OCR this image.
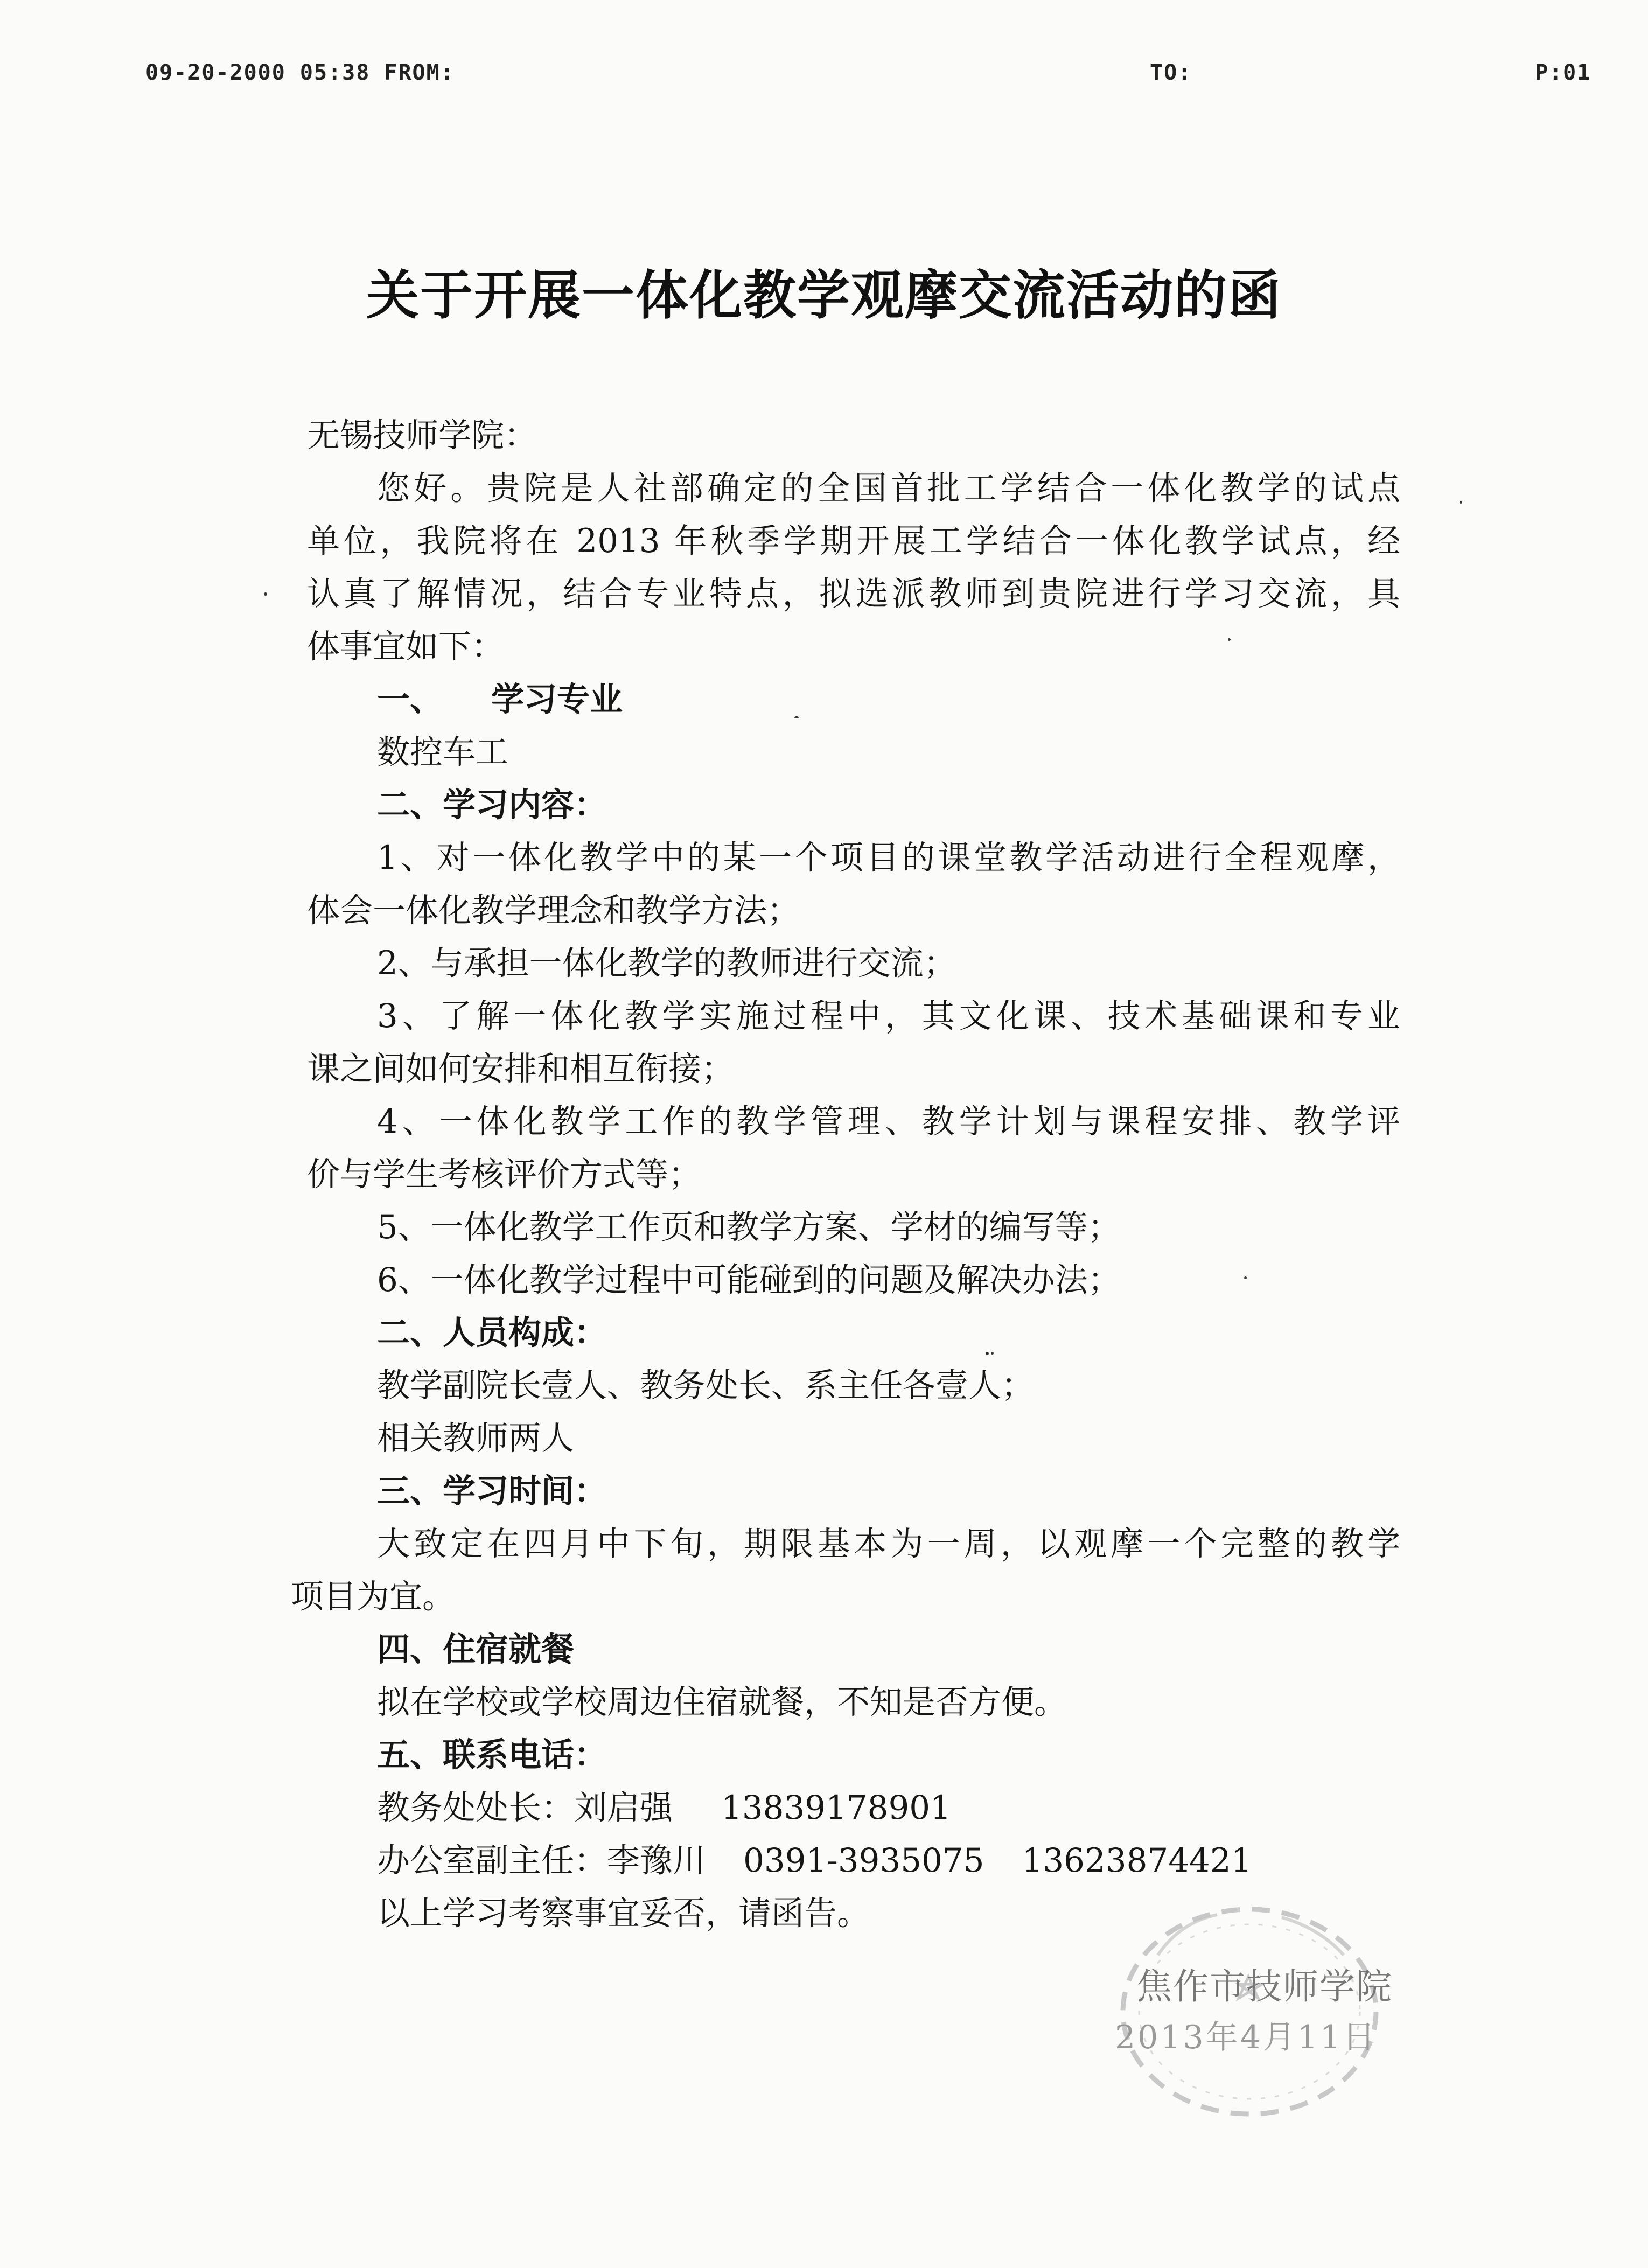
09-20-2000 05:38 FROM:	TO:	P:01
关于开展一体化教学观摩交流活动的函
无锡技师学院：
您好。贵院是人社部确定的全国首批工学结合一体化教学的试点
单位，我院将在 2013 年秋季学期开展工学结合一体化教学试点，经
认真了解情况，结合专业特点，拟选派教师到贵院进行学习交流，具
体事宜如下：
一、 学习专业
数控车工
二、学习内容：
1、对一体化教学中的某一个项目的课堂教学活动进行全程观摩，
体会一体化教学理念和教学方法；
2、与承担一体化教学的教师进行交流；
3、了解一体化教学实施过程中，其文化课、技术基础课和专业
课之间如何安排和相互衔接；
4、一体化教学工作的教学管理、教学计划与课程安排、教学评
价与学生考核评价方式等；
5、一体化教学工作页和教学方案、学材的编写等；
6、一体化教学过程中可能碰到的问题及解决办法；
二、人员构成：
教学副院长壹人、教务处长、系主任各壹人；
相关教师两人
三、学习时间：
大致定在四月中下旬，期限基本为一周，以观摩一个完整的教学
项目为宜。
四、住宿就餐
拟在学校或学校周边住宿就餐，不知是否方便。
五、联系电话：
教务处处长：刘启强 13839178901
办公室副主任：李豫川 0391-3935075 13623874421
以上学习考察事宜妥否，请函告。
焦作市技师学院
2013年4月11日
